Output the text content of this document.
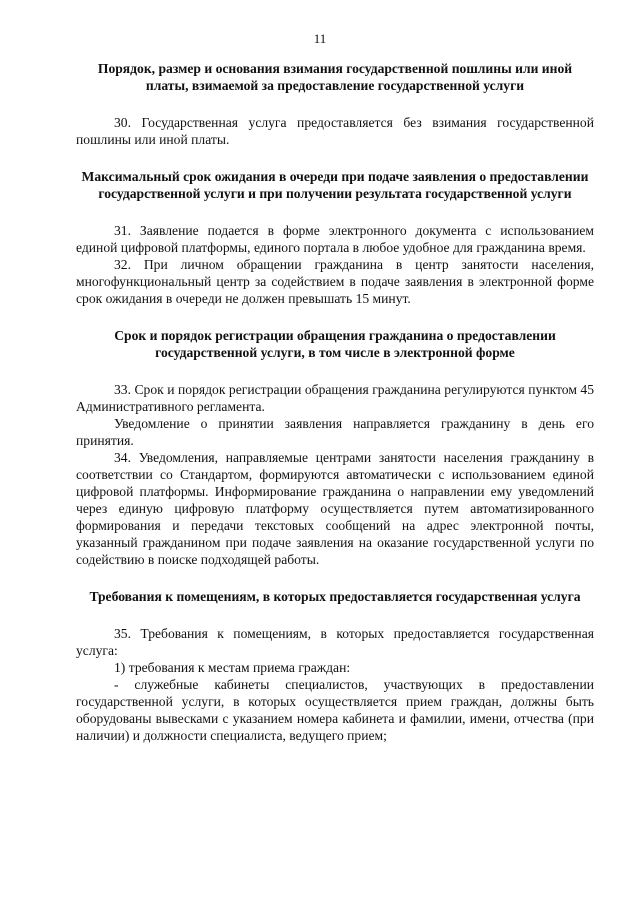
11

Порядок, размер и основания взимания государственной пошлины или иной платы, взимаемой за предоставление государственной услуги

30. Государственная услуга предоставляется без взимания государственной пошлины или иной платы.

Максимальный срок ожидания в очереди при подаче заявления о предоставлении государственной услуги и при получении результата государственной услуги

31. Заявление подается в форме электронного документа с использованием единой цифровой платформы, единого портала в любое удобное для гражданина время.

32. При личном обращении гражданина в центр занятости населения, многофункциональный центр за содействием в подаче заявления в электронной форме срок ожидания в очереди не должен превышать 15 минут.

Срок и порядок регистрации обращения гражданина о предоставлении государственной услуги, в том числе в электронной форме

33. Срок и порядок регистрации обращения гражданина регулируются пунктом 45 Административного регламента.

Уведомление о принятии заявления направляется гражданину в день его принятия.

34. Уведомления, направляемые центрами занятости населения гражданину в соответствии со Стандартом, формируются автоматически с использованием единой цифровой платформы. Информирование гражданина о направлении ему уведомлений через единую цифровую платформу осуществляется путем автоматизированного формирования и передачи текстовых сообщений на адрес электронной почты, указанный гражданином при подаче заявления на оказание государственной услуги по содействию в поиске подходящей работы.

Требования к помещениям, в которых предоставляется государственная услуга

35. Требования к помещениям, в которых предоставляется государственная услуга:

1) требования к местам приема граждан:

- служебные кабинеты специалистов, участвующих в предоставлении государственной услуги, в которых осуществляется прием граждан, должны быть оборудованы вывесками с указанием номера кабинета и фамилии, имени, отчества (при наличии) и должности специалиста, ведущего прием;
